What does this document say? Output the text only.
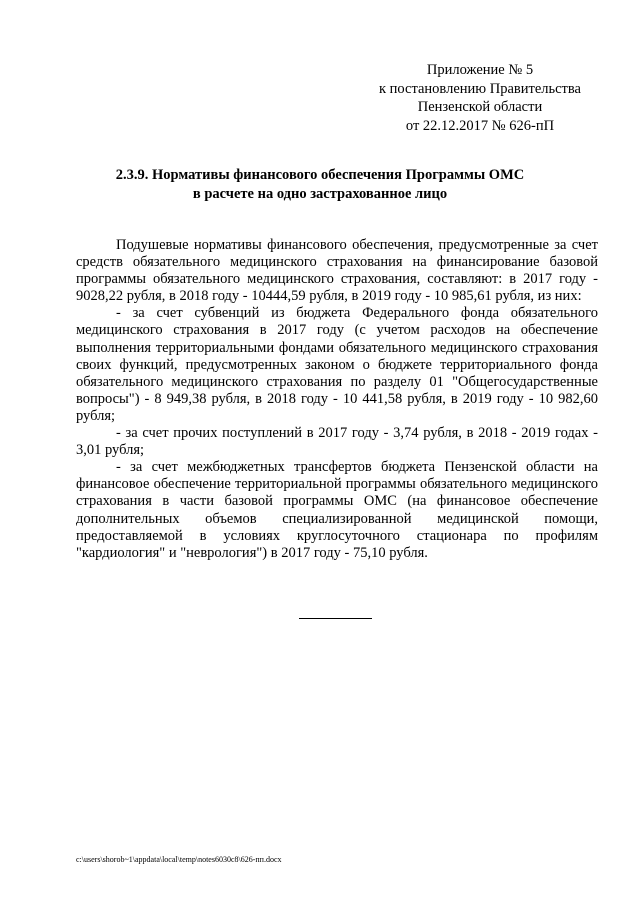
Приложение № 5
к постановлению Правительства
Пензенской области
от 22.12.2017 № 626-пП
2.3.9. Нормативы финансового обеспечения Программы ОМС
в расчете на одно застрахованное лицо

Подушевые нормативы финансового обеспечения, предусмотренные за счет средств обязательного медицинского страхования на финансирование базовой программы обязательного медицинского страхования, составляют: в 2017 году - 9028,22 рубля, в 2018 году - 10444,59 рубля, в 2019 году - 10 985,61 рубля, из них:

- за счет субвенций из бюджета Федерального фонда обязательного медицинского страхования в 2017 году (с учетом расходов на обеспечение выполнения территориальными фондами обязательного медицинского страхования своих функций, предусмотренных законом о бюджете территориального фонда обязательного медицинского страхования по разделу 01 "Общегосударственные вопросы") - 8 949,38 рубля, в 2018 году - 10 441,58 рубля, в 2019 году - 10 982,60 рубля;

- за счет прочих поступлений в 2017 году - 3,74 рубля, в 2018 - 2019 годах - 3,01 рубля;

- за счет межбюджетных трансфертов бюджета Пензенской области на финансовое обеспечение территориальной программы обязательного медицинского страхования в части базовой программы ОМС (на финансовое обеспечение дополнительных объемов специализированной медицинской помощи, предоставляемой в условиях круглосуточного стационара по профилям "кардиология" и "неврология") в 2017 году - 75,10 рубля.

c:\users\shorob~1\appdata\local\temp\notes6030c8\626-пп.docx
